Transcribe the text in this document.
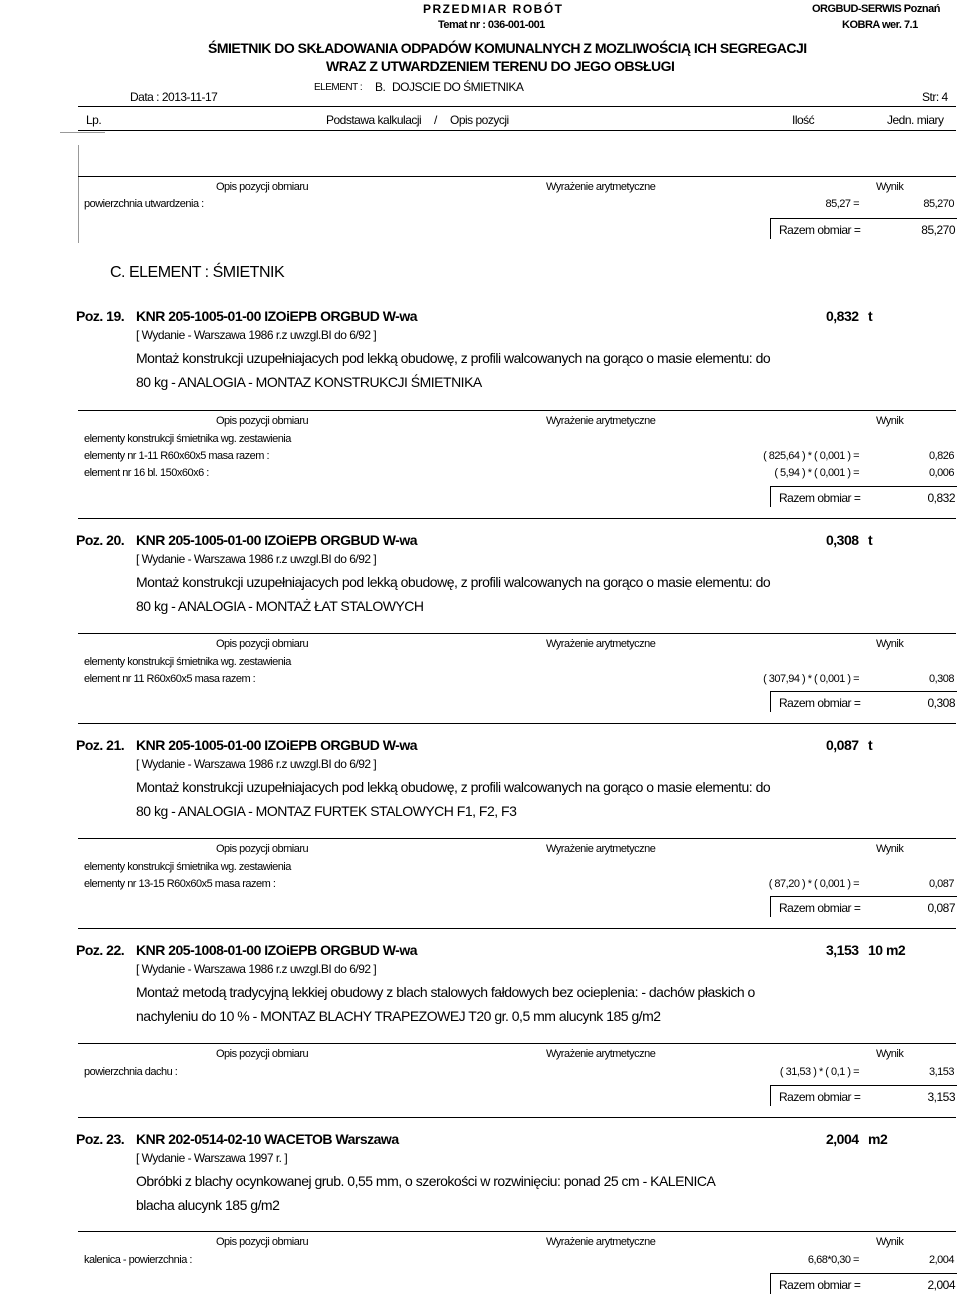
PRZEDMIAR ROBÓT
Temat nr : 036-001-001
ORGBUD-SERWIS Poznań
KOBRA wer. 7.1
ŚMIETNIK DO SKŁADOWANIA ODPADÓW KOMUNALNYCH Z MOZLIWOŚCIĄ ICH SEGREGACJI
WRAZ Z UTWARDZENIEM TERENU DO JEGO OBSŁUGI
ELEMENT : B. DOJSCIE DO ŚMIETNIKA
Data : 2013-11-17	Str: 4
Lp.	Podstawa kalkulacji / Opis pozycji	Ilość	Jedn. miary
Opis pozycji obmiaru	Wyrażenie arytmetyczne	Wynik
powierzchnia utwardzenia :	85,27 =	85,270
Razem obmiar =	85,270
C. ELEMENT : ŚMIETNIK
Poz. 19. KNR 205-1005-01-00 IZOiEPB ORGBUD W-wa	0,832 t
[ Wydanie - Warszawa 1986 r.z uwzgl.BI do 6/92 ]
Montaż konstrukcji uzupełniajacych pod lekką obudowę, z profili walcowanych na gorąco o masie elementu: do
80 kg - ANALOGIA - MONTAZ KONSTRUKCJI ŚMIETNIKA
Opis pozycji obmiaru	Wyrażenie arytmetyczne	Wynik
elementy konstrukcji śmietnika wg. zestawienia
elementy nr 1-11 R60x60x5 masa razem :	( 825,64 ) * ( 0,001 ) =	0,826
element nr 16 bl. 150x60x6 :	( 5,94 ) * ( 0,001 ) =	0,006
Razem obmiar =	0,832
Poz. 20. KNR 205-1005-01-00 IZOiEPB ORGBUD W-wa	0,308 t
[ Wydanie - Warszawa 1986 r.z uwzgl.BI do 6/92 ]
Montaż konstrukcji uzupełniajacych pod lekką obudowę, z profili walcowanych na gorąco o masie elementu: do
80 kg - ANALOGIA - MONTAŻ ŁAT STALOWYCH
Opis pozycji obmiaru	Wyrażenie arytmetyczne	Wynik
elementy konstrukcji śmietnika wg. zestawienia
element nr 11 R60x60x5 masa razem :	( 307,94 ) * ( 0,001 ) =	0,308
Razem obmiar =	0,308
Poz. 21. KNR 205-1005-01-00 IZOiEPB ORGBUD W-wa	0,087 t
[ Wydanie - Warszawa 1986 r.z uwzgl.BI do 6/92 ]
Montaż konstrukcji uzupełniajacych pod lekką obudowę, z profili walcowanych na gorąco o masie elementu: do
80 kg - ANALOGIA - MONTAZ FURTEK STALOWYCH F1, F2, F3
Opis pozycji obmiaru	Wyrażenie arytmetyczne	Wynik
elementy konstrukcji śmietnika wg. zestawienia
elementy nr 13-15 R60x60x5 masa razem :	( 87,20 ) * ( 0,001 ) =	0,087
Razem obmiar =	0,087
Poz. 22. KNR 205-1008-01-00 IZOiEPB ORGBUD W-wa	3,153 10 m2
[ Wydanie - Warszawa 1986 r.z uwzgl.BI do 6/92 ]
Montaż metodą tradycyjną lekkiej obudowy z blach stalowych fałdowych bez ocieplenia: - dachów płaskich o
nachyleniu do 10 % - MONTAZ BLACHY TRAPEZOWEJ T20 gr. 0,5 mm alucynk 185 g/m2
Opis pozycji obmiaru	Wyrażenie arytmetyczne	Wynik
powierzchnia dachu :	( 31,53 ) * ( 0,1 ) =	3,153
Razem obmiar =	3,153
Poz. 23. KNR 202-0514-02-10 WACETOB Warszawa	2,004 m2
[ Wydanie - Warszawa 1997 r. ]
Obróbki z blachy ocynkowanej grub. 0,55 mm, o szerokości w rozwinięciu: ponad 25 cm - KALENICA
blacha alucynk 185 g/m2
Opis pozycji obmiaru	Wyrażenie arytmetyczne	Wynik
kalenica - powierzchnia :	6,68*0,30 =	2,004
Razem obmiar =	2,004
